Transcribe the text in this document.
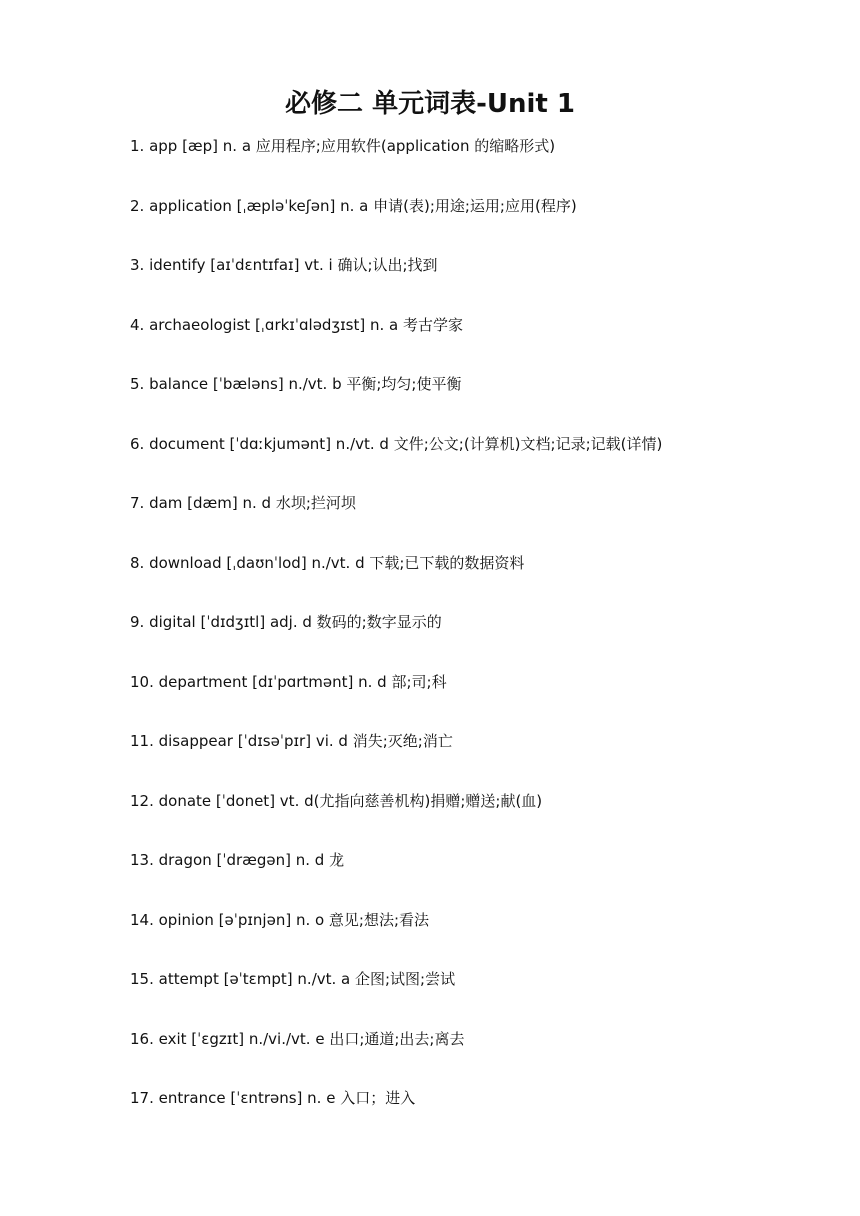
必修二 单元词表-Unit 1
1. app [æp] n. a 应用程序;应用软件(application 的缩略形式)
2. application [ˌæpləˈkeʃən] n. a 申请(表);用途;运用;应用(程序)
3. identify [aɪˈdɛntɪfaɪ] vt. i 确认;认出;找到
4. archaeologist [ˌɑrkɪˈɑlədʒɪst] n. a 考古学家
5. balance [ˈbæləns] n./vt. b 平衡;均匀;使平衡
6. document [ˈdɑːkjumənt] n./vt. d 文件;公文;(计算机)文档;记录;记载(详情)
7. dam [dæm] n. d 水坝;拦河坝
8. download [ˌdaʊnˈlod] n./vt. d 下载;已下载的数据资料
9. digital [ˈdɪdʒɪtl] adj. d 数码的;数字显示的
10. department [dɪˈpɑrtmənt] n. d 部;司;科
11. disappear [ˈdɪsəˈpɪr] vi. d 消失;灭绝;消亡
12. donate [ˈdonet] vt. d(尤指向慈善机构)捐赠;赠送;献(血)
13. dragon [ˈdrægən] n. d 龙
14. opinion [əˈpɪnjən] n. o 意见;想法;看法
15. attempt [əˈtɛmpt] n./vt. a 企图;试图;尝试
16. exit [ˈɛgzɪt] n./vi./vt. e 出口;通道;出去;离去
17. entrance [ˈɛntrəns] n. e 入口；进入
